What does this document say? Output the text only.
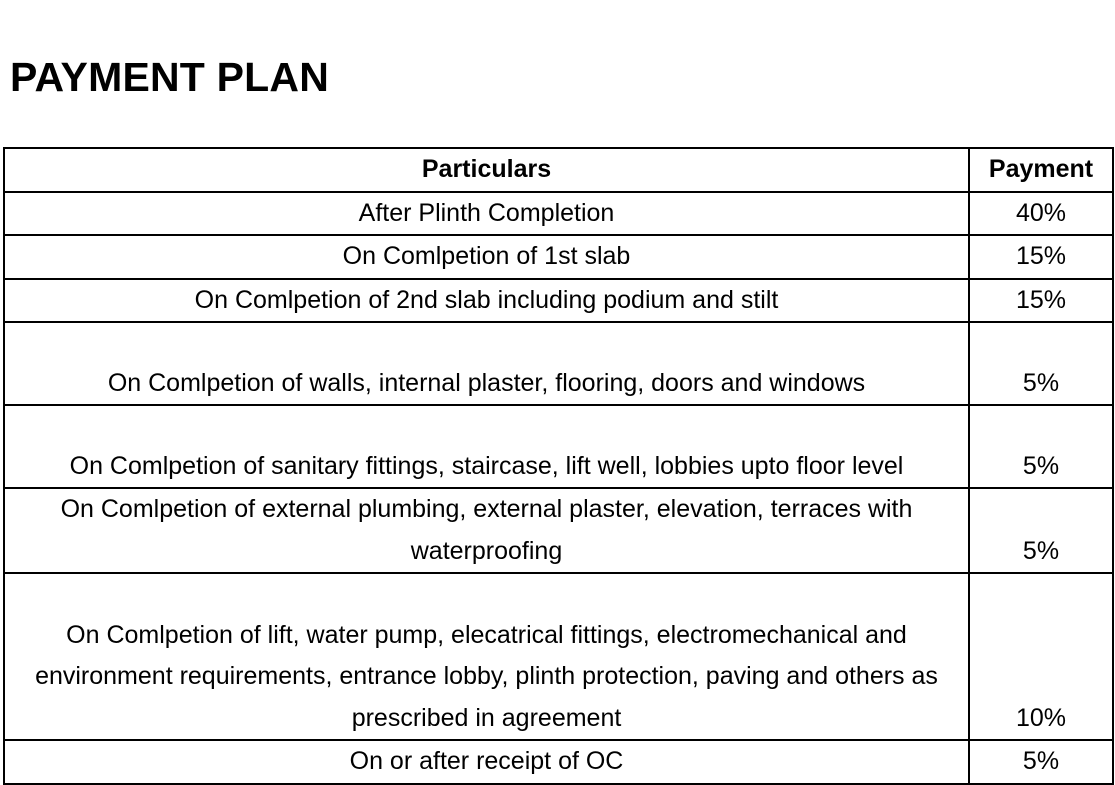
PAYMENT PLAN
Particulars	Payment
After Plinth Completion	40%
On Comlpetion of 1st slab	15%
On Comlpetion of 2nd slab including podium and stilt	15%
On Comlpetion of walls, internal plaster, flooring, doors and windows	5%
On Comlpetion of sanitary fittings, staircase, lift well, lobbies upto floor level	5%
On Comlpetion of external plumbing, external plaster, elevation, terraces with waterproofing	5%
On Comlpetion of lift, water pump, elecatrical fittings, electromechanical and environment requirements, entrance lobby, plinth protection, paving and others as prescribed in agreement	10%
On or after receipt of OC	5%
